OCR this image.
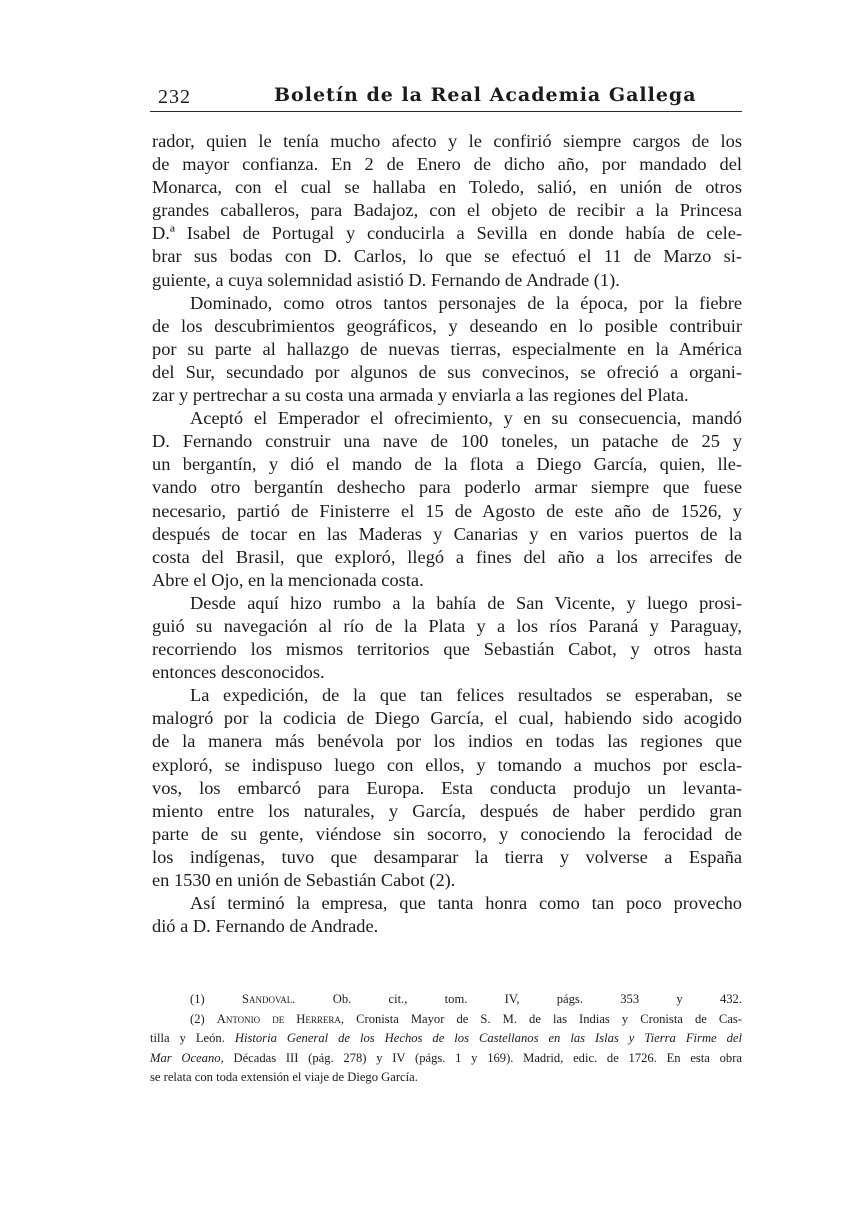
232	Boletín de la Real Academia Gallega
rador, quien le tenía mucho afecto y le confirió siempre cargos de los
de mayor confianza. En 2 de Enero de dicho año, por mandado del
Monarca, con el cual se hallaba en Toledo, salió, en unión de otros
grandes caballeros, para Badajoz, con el objeto de recibir a la Princesa
D.ª Isabel de Portugal y conducirla a Sevilla en donde había de cele-
brar sus bodas con D. Carlos, lo que se efectuó el 11 de Marzo si-
guiente, a cuya solemnidad asistió D. Fernando de Andrade (1).
Dominado, como otros tantos personajes de la época, por la fiebre
de los descubrimientos geográficos, y deseando en lo posible contribuir
por su parte al hallazgo de nuevas tierras, especialmente en la América
del Sur, secundado por algunos de sus convecinos, se ofreció a organi-
zar y pertrechar a su costa una armada y enviarla a las regiones del Plata.
Aceptó el Emperador el ofrecimiento, y en su consecuencia, mandó
D. Fernando construir una nave de 100 toneles, un patache de 25 y
un bergantín, y dió el mando de la flota a Diego García, quien, lle-
vando otro bergantín deshecho para poderlo armar siempre que fuese
necesario, partió de Finisterre el 15 de Agosto de este año de 1526, y
después de tocar en las Maderas y Canarias y en varios puertos de la
costa del Brasil, que exploró, llegó a fines del año a los arrecifes de
Abre el Ojo, en la mencionada costa.
Desde aquí hizo rumbo a la bahía de San Vicente, y luego prosi-
guió su navegación al río de la Plata y a los ríos Paraná y Paraguay,
recorriendo los mismos territorios que Sebastián Cabot, y otros hasta
entonces desconocidos.
La expedición, de la que tan felices resultados se esperaban, se
malogró por la codicia de Diego García, el cual, habiendo sido acogido
de la manera más benévola por los indios en todas las regiones que
exploró, se indispuso luego con ellos, y tomando a muchos por escla-
vos, los embarcó para Europa. Esta conducta produjo un levanta-
miento entre los naturales, y García, después de haber perdido gran
parte de su gente, viéndose sin socorro, y conociendo la ferocidad de
los indígenas, tuvo que desamparar la tierra y volverse a España
en 1530 en unión de Sebastián Cabot (2).
Así terminó la empresa, que tanta honra como tan poco provecho
dió a D. Fernando de Andrade.
(1)	Sandoval.	Ob. cit., tom. IV, págs. 353 y 432.
(2) Antonio de Herrera, Cronista Mayor de S. M. de las Indias y Cronista de Cas-
tilla y León. Historia General de los Hechos de los Castellanos en las Islas y Tierra Firme del
Mar Oceano, Décadas III (pág. 278) y IV (págs. 1 y 169). Madrid, edic. de 1726. En esta obra
se relata con toda extensión el viaje de Diego García.
